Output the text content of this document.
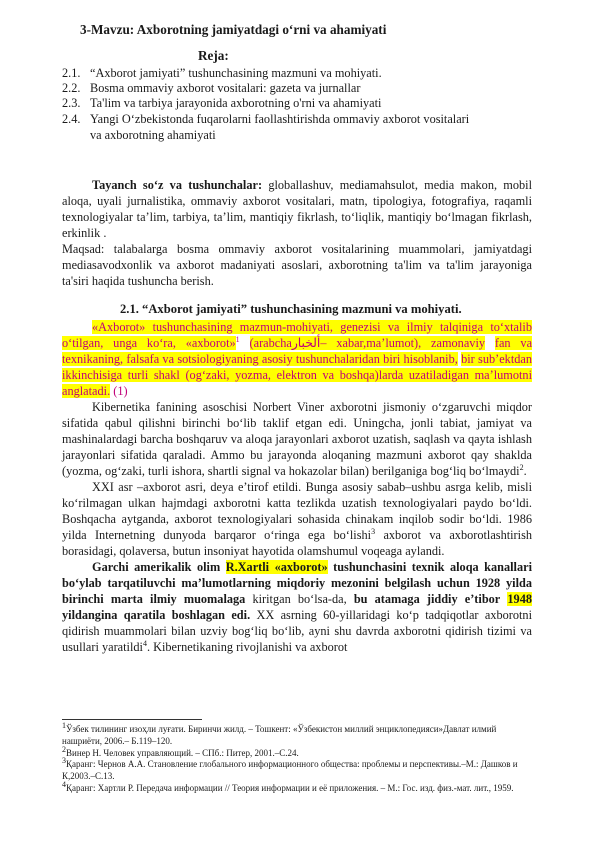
3-Mavzu: Axborotning jamiyatdagi o‘rni va ahamiyati
Reja:
2.1. “Axborot jamiyati” tushunchasining mazmuni va mohiyati.
2.2. Bosma ommaviy axborot vositalari: gazeta va jurnallar
2.3. Ta'lim va tarbiya jarayonida axborotning o'rni va ahamiyati
2.4. Yangi O‘zbekistonda fuqarolarni faollashtirishda ommaviy axborot vositalari
va axborotning ahamiyati

Tayanch so‘z va tushunchalar: globallashuv, mediamahsulot, media makon, mobil aloqa, uyali jurnalistika, ommaviy axborot vositalari, matn, tipologiya, fotografiya, raqamli texnologiyalar ta’lim, tarbiya, ta’lim, mantiqiy fikrlash, to‘liqlik, mantiqiy bo‘lmagan fikrlash, erkinlik .

Maqsad: talabalarga bosma ommaviy axborot vositalarining muammolari, jamiyatdagi mediasavodxonlik va axborot madaniyati asoslari, axborotning ta'lim va ta'lim jarayoniga ta'siri haqida tushuncha berish.

2.1. “Axborot jamiyati” tushunchasining mazmuni va mohiyati.

«Axborot» tushunchasining mazmun-mohiyati, genezisi va ilmiy talqiniga to‘xtalib o‘tilgan, unga ko‘ra, «axborot»$^1$ (arabchaألخبار– xabar,ma’lumot), zamonaviy fan va texnikaning, falsafa va sotsiologiyaning asosiy tushunchalaridan biri hisoblanib, bir sub’ektdan ikkinchisiga turli shakl (og‘zaki, yozma, elektron va boshqa)larda uzatiladigan ma’lumotni anglatadi. (1)

Kibernetika fanining asoschisi Norbert Viner axborotni jismoniy o‘zgaruvchi miqdor sifatida qabul qilishni birinchi bo‘lib taklif etgan edi. Uningcha, jonli tabiat, jamiyat va mashinalardagi barcha boshqaruv va aloqa jarayonlari axborot uzatish, saqlash va qayta ishlash jarayonlari sifatida qaraladi. Ammo bu jarayonda aloqaning mazmuni axborot qay shaklda (yozma, og‘zaki, turli ishora, shartli signal va hokazolar bilan) berilganiga bog‘liq bo‘lmaydi$^2$.

XXI asr –axborot asri, deya e’tirof etildi. Bunga asosiy sabab–ushbu asrga kelib, misli ko‘rilmagan ulkan hajmdagi axborotni katta tezlikda uzatish texnologiyalari paydo bo‘ldi. Boshqacha aytganda, axborot texnologiyalari sohasida chinakam inqilob sodir bo‘ldi. 1986 yilda Internetning dunyoda barqaror o‘ringa ega bo‘lishi$^3$ axborot va axborotlashtirish borasidagi, qolaversa, butun insoniyat hayotida olamshumul voqeaga aylandi.

Garchi amerikalik olim R.Xartli «axborot» tushunchasini texnik aloqa kanallari bo‘ylab tarqatiluvchi ma’lumotlarning miqdoriy mezonini belgilash uchun 1928 yilda birinchi marta ilmiy muomalaga kiritgan bo‘lsa-da, bu atamaga jiddiy e’tibor 1948 yildangina qaratila boshlagan edi. XX asrning 60-yillaridagi ko‘p tadqiqotlar axborotni qidirish muammolari bilan uzviy bog‘liq bo‘lib, ayni shu davrda axborotni qidirish tizimi va usullari yaratildi$^4$. Kibernetikaning rivojlanishi va axborot

$^1$Ўзбек тилининг изоҳли луғати. Биринчи жилд. – Тошкент: «Ўзбекистон миллий энциклопедияси»Давлат илмий нашриёти, 2006.– Б.119–120.

$^2$Винер Н. Человек управляющий. – СПб.: Питер, 2001.–С.24.

$^3$Қаранг: Чернов А.А. Становление глобального информационного общества: проблемы и перспективы.–М.: Дашков и К,2003.–С.13.

$^4$Қаранг: Хартли Р. Передача информации // Теория информации и её приложения. – М.: Гос. изд. физ.-мат. лит., 1959.
